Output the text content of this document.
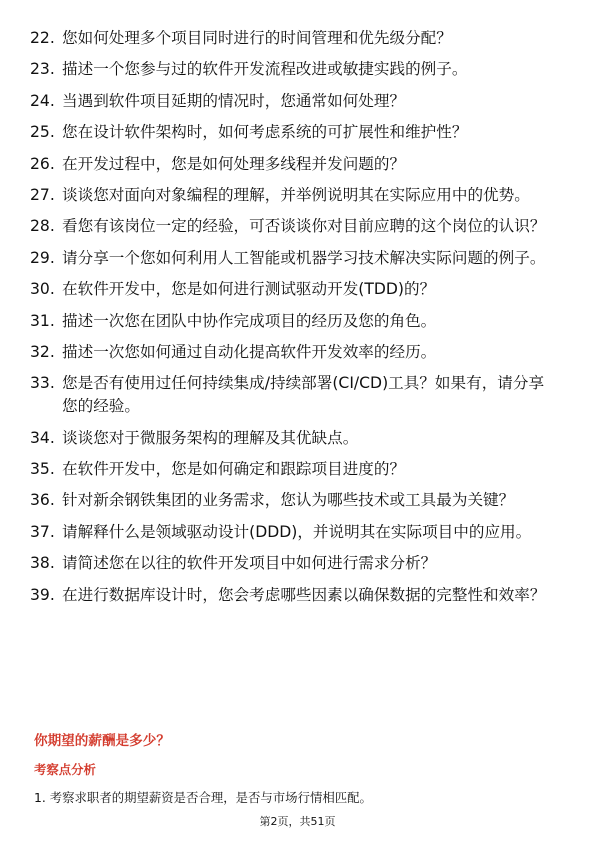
22. 您如何处理多个项目同时进行的时间管理和优先级分配？
23. 描述一个您参与过的软件开发流程改进或敏捷实践的例子。
24. 当遇到软件项目延期的情况时，您通常如何处理？
25. 您在设计软件架构时，如何考虑系统的可扩展性和维护性？
26. 在开发过程中，您是如何处理多线程并发问题的？
27. 谈谈您对面向对象编程的理解，并举例说明其在实际应用中的优势。
28. 看您有该岗位一定的经验，可否谈谈你对目前应聘的这个岗位的认识？
29. 请分享一个您如何利用人工智能或机器学习技术解决实际问题的例子。
30. 在软件开发中，您是如何进行测试驱动开发(TDD)的？
31. 描述一次您在团队中协作完成项目的经历及您的角色。
32. 描述一次您如何通过自动化提高软件开发效率的经历。
33. 您是否有使用过任何持续集成/持续部署(CI/CD)工具？如果有，请分享您的经验。
34. 谈谈您对于微服务架构的理解及其优缺点。
35. 在软件开发中，您是如何确定和跟踪项目进度的？
36. 针对新余钢铁集团的业务需求，您认为哪些技术或工具最为关键？
37. 请解释什么是领域驱动设计(DDD)，并说明其在实际项目中的应用。
38. 请简述您在以往的软件开发项目中如何进行需求分析？
39. 在进行数据库设计时，您会考虑哪些因素以确保数据的完整性和效率？
你期望的薪酬是多少？
考察点分析

1. 考察求职者的期望薪资是否合理，是否与市场行情相匹配。

第2页，共51页
